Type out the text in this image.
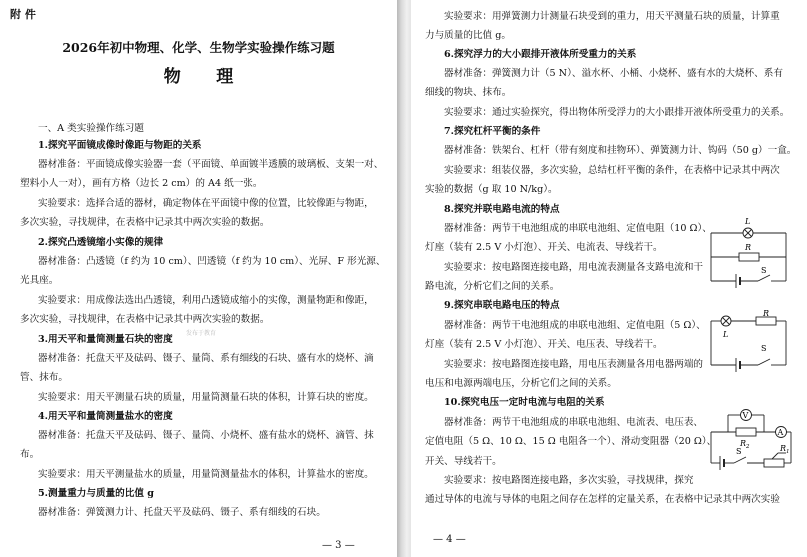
附 件
2026年初中物理、化学、生物学实验操作练习题
物      理
一、A 类实验操作练习题
1.探究平面镜成像时像距与物距的关系
器材准备：平面镜成像实验器一套（平面镜、单面镀半透膜的玻璃板、支架一对、
塑料小人一对），画有方格（边长 2 cm）的 A4 纸一张。
实验要求：选择合适的器材，确定物体在平面镜中像的位置，比较像距与物距，
多次实验，寻找规律，在表格中记录其中两次实验的数据。
2.探究凸透镜缩小实像的规律
器材准备：凸透镜（f 约为 10 cm）、凹透镜（f 约为 10 cm）、光屏、F 形光源、
光具座。
实验要求：用成像法选出凸透镜，利用凸透镜成缩小的实像，测量物距和像距，
多次实验，寻找规律，在表格中记录其中两次实验的数据。
3.用天平和量筒测量石块的密度
器材准备：托盘天平及砝码、镊子、量筒、系有细线的石块、盛有水的烧杯、滴
管、抹布。
实验要求：用天平测量石块的质量，用量筒测量石块的体积，计算石块的密度。
4.用天平和量筒测量盐水的密度
器材准备：托盘天平及砝码、镊子、量筒、小烧杯、盛有盐水的烧杯、滴管、抹
布。
实验要求：用天平测量盐水的质量，用量筒测量盐水的体积，计算盐水的密度。
5.测量重力与质量的比值 g
器材准备：弹簧测力计、托盘天平及砝码、镊子、系有细线的石块。
发布于教育
— 3 —
实验要求：用弹簧测力计测量石块受到的重力，用天平测量石块的质量，计算重
力与质量的比值 g。
6.探究浮力的大小跟排开液体所受重力的关系
器材准备：弹簧测力计（5 N）、溢水杯、小桶、小烧杯、盛有水的大烧杯、系有
细线的物块、抹布。
实验要求：通过实验探究，得出物体所受浮力的大小跟排开液体所受重力的关系。
7.探究杠杆平衡的条件
器材准备：铁架台、杠杆（带有刻度和挂物环）、弹簧测力计、钩码（50 g）一盒。
实验要求：组装仪器，多次实验，总结杠杆平衡的条件，在表格中记录其中两次
实验的数据（g 取 10 N/kg）。
8.探究并联电路电流的特点
器材准备：两节干电池组成的串联电池组、定值电阻（10 Ω）、
灯座（装有 2.5 V 小灯泡）、开关、电流表、导线若干。
实验要求：按电路图连接电路，用电流表测量各支路电流和干
路电流，分析它们之间的关系。
9.探究串联电路电压的特点
器材准备：两节干电池组成的串联电池组、定值电阻（5 Ω）、
灯座（装有 2.5 V 小灯泡）、开关、电压表、导线若干。
实验要求：按电路图连接电路，用电压表测量各用电器两端的
电压和电源两端电压，分析它们之间的关系。
10.探究电压一定时电流与电阻的关系
器材准备：两节干电池组成的串联电池组、电流表、电压表、
定值电阻（5 Ω、10 Ω、15 Ω 电阻各一个）、滑动变阻器（20 Ω）、
开关、导线若干。
实验要求：按电路图连接电路，多次实验，寻找规律，探究
通过导体的电流与导体的电阻之间存在怎样的定量关系，在表格中记录其中两次实验
L
R
S
L
R
S
V
A
$R_2$	$R_1$
S
— 4 —
